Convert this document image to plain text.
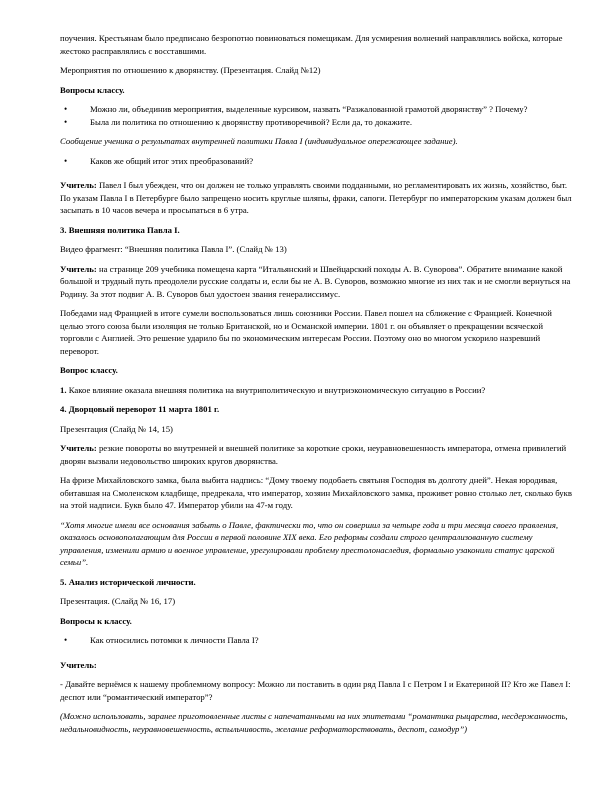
поучения. Крестьянам было предписано безропотно повиноваться помещикам. Для усмирения волнений направлялись войска, которые жестоко расправлялись с восставшими.

Мероприятия по отношению к дворянству. (Презентация. Слайд №12)

Вопросы классу.

•	Можно ли, объединив мероприятия, выделенные курсивом, назвать “Разжалованной грамотой дворянству” ? Почему?
•	Была ли политика по отношению к дворянству противоречивой? Если да, то докажите.

Сообщение ученика о результатах внутренней политики Павла I (индивидуальное опережающее задание).

•	Каков же общий итог этих преобразований?

Учитель: Павел I был убежден, что он должен не только управлять своими подданными, но регламентировать их жизнь, хозяйство, быт. По указам Павла I в Петербурге было запрещено носить круглые шляпы, фраки, сапоги. Петербург по императорским указам должен был засыпать в 10 часов вечера и просыпаться в 6 утра.

3. Внешняя политика Павла I.

Видео фрагмент: “Внешняя политика Павла I”. (Слайд № 13)

Учитель: на странице 209 учебника помещена карта “Итальянский и Швейцарский походы А. В. Суворова”. Обратите внимание какой большой и трудный путь преодолели русские солдаты и, если бы не А. В. Суворов, возможно многие из них так и не смогли вернуться на Родину. За этот подвиг А. В. Суворов был удостоен звания генералиссимус.

Победами над Францией в итоге сумели воспользоваться лишь союзники России. Павел пошел на сближение с Францией. Конечной целью этого союза были изоляция не только Британской, но и Османской империи. 1801 г. он объявляет о прекращении всяческой торговли с Англией. Это решение ударило бы по экономическим интересам России. Поэтому оно во многом ускорило назревший переворот.

Вопрос классу.

1. Какое влияние оказала внешняя политика на внутриполитическую и внутриэкономическую ситуацию в России?

4. Дворцовый переворот 11 марта 1801 г.

Презентация (Слайд № 14, 15)

Учитель: резкие повороты во внутренней и внешней политике за короткие сроки, неуравновешенность императора, отмена привилегий дворян вызвали недовольство широких кругов дворянства.

На фризе Михайловского замка, была выбита надпись: “Дому твоему подобаеть святыня Господня въ долготу дней”. Некая юродивая, обитавшая на Смоленском кладбище, предрекала, что император, хозяин Михайловского замка, проживет ровно столько лет, сколько букв на этой надписи. Букв было 47. Император убили на 47-м году.

“Хотя многие имели все основания забыть о Павле, фактически то, что он совершил за четыре года и три месяца своего правления, оказалось основополагающим для России в первой половине XIX века. Его реформы создали строго централизованную систему управления, изменили армию и военное управление, урегулировали проблему престолонаследия, формально узаконили статус царской семьи”.

5. Анализ исторической личности.

Презентация. (Слайд № 16, 17)

Вопросы к классу.

•	Как относились потомки к личности Павла I?

Учитель:

- Давайте вернёмся к нашему проблемному вопросу: Можно ли поставить в один ряд Павла I с Петром I и Екатериной II? Кто же Павел I: деспот или “романтический император”?

(Можно использовать, заранее приготовленные листы с напечатанными на них эпитетами “романтика рыцарства, несдержанность, недальновидность, неуравновешенность, вспыльчивость, желание реформаторствовать, деспот, самодур”)
